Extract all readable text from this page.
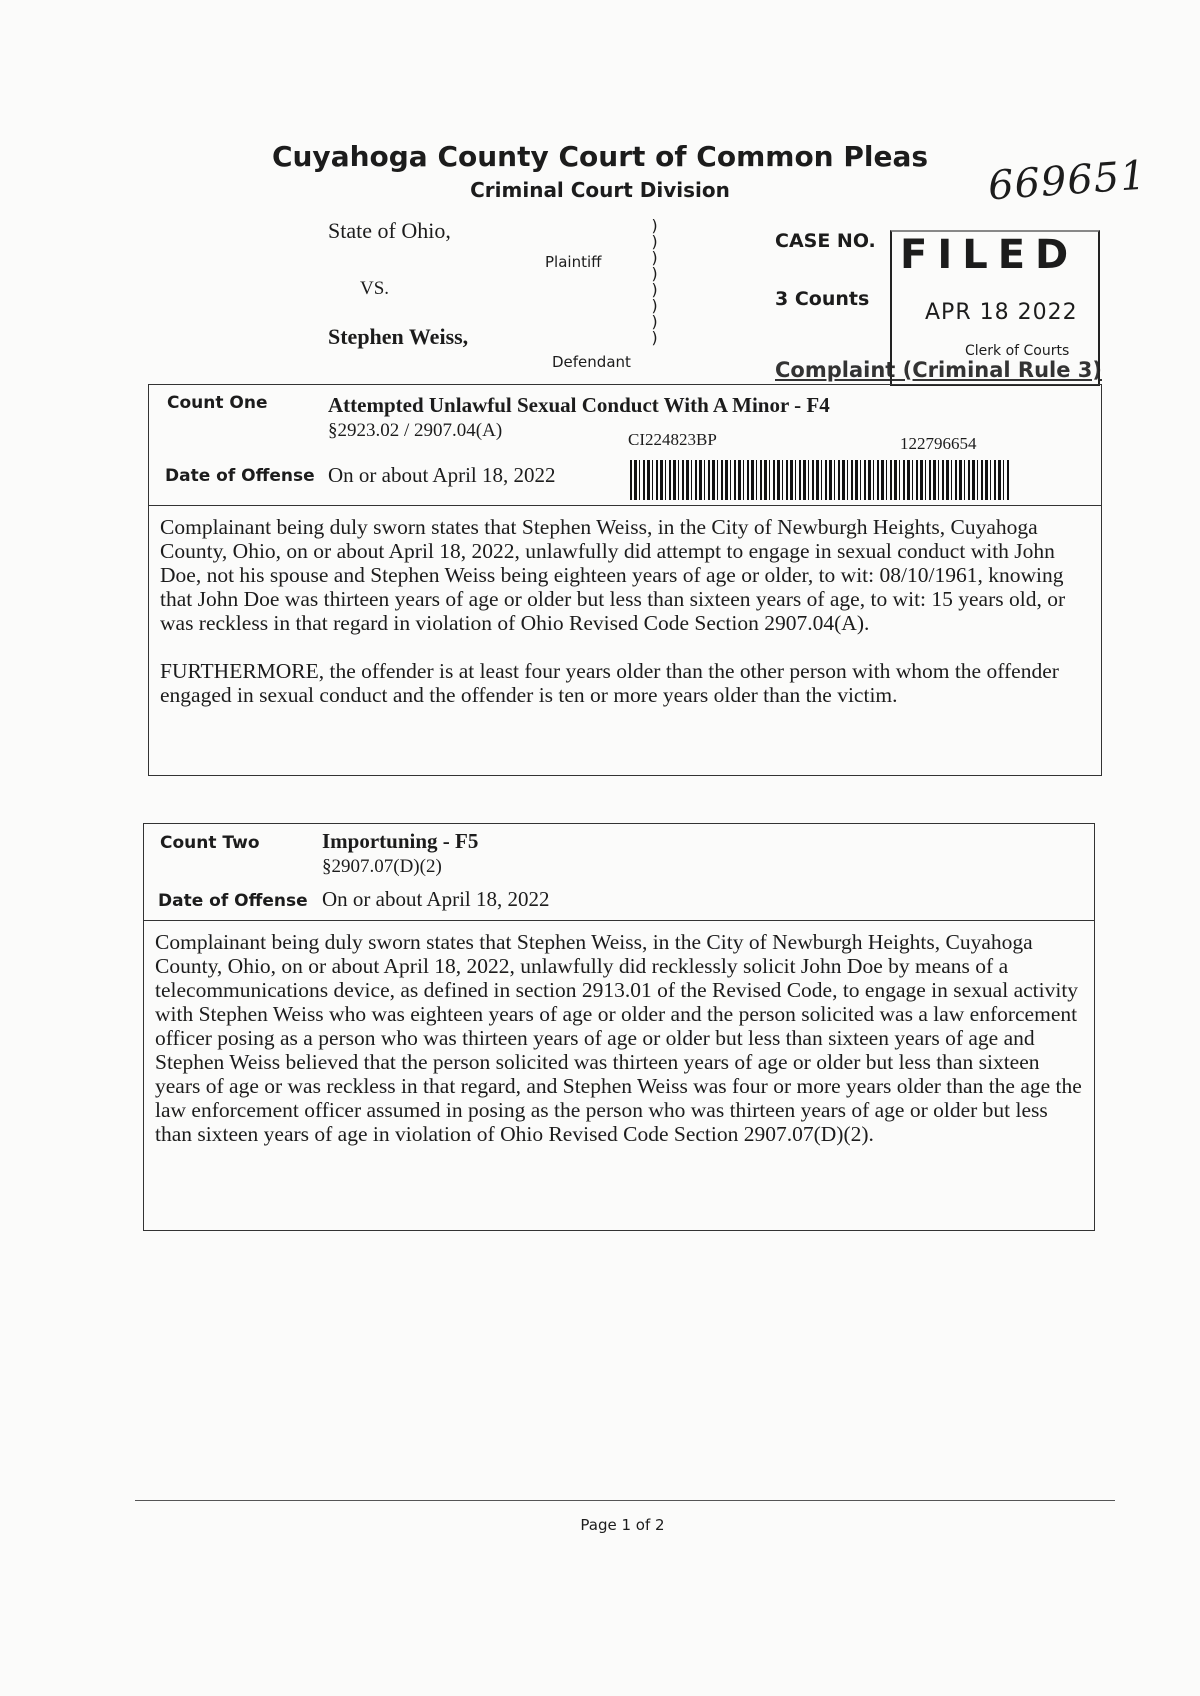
Cuyahoga County Court of Common Pleas
Criminal Court Division	669651
State of Ohio,
Plaintiff
VS.
Stephen Weiss,
Defendant
)
)
)
)
)
)
)
)
CASE NO.
3 Counts
Complaint (Criminal Rule 3)
FILED
APR 18 2022
Clerk of Courts
Count One	Attempted Unlawful Sexual Conduct With A Minor - F4
§2923.02 / 2907.04(A)	CI224823BP	122796654
Date of Offense On or about April 18, 2022

Complainant being duly sworn states that Stephen Weiss, in the City of Newburgh Heights, Cuyahoga County, Ohio, on or about April 18, 2022, unlawfully did attempt to engage in sexual conduct with John Doe, not his spouse and Stephen Weiss being eighteen years of age or older, to wit: 08/10/1961, knowing that John Doe was thirteen years of age or older but less than sixteen years of age, to wit: 15 years old, or was reckless in that regard in violation of Ohio Revised Code Section 2907.04(A).

FURTHERMORE, the offender is at least four years older than the other person with whom the offender engaged in sexual conduct and the offender is ten or more years older than the victim.

Count Two	Importuning - F5
§2907.07(D)(2)
Date of Offense On or about April 18, 2022

Complainant being duly sworn states that Stephen Weiss, in the City of Newburgh Heights, Cuyahoga County, Ohio, on or about April 18, 2022, unlawfully did recklessly solicit John Doe by means of a telecommunications device, as defined in section 2913.01 of the Revised Code, to engage in sexual activity with Stephen Weiss who was eighteen years of age or older and the person solicited was a law enforcement officer posing as a person who was thirteen years of age or older but less than sixteen years of age and Stephen Weiss believed that the person solicited was thirteen years of age or older but less than sixteen years of age or was reckless in that regard, and Stephen Weiss was four or more years older than the age the law enforcement officer assumed in posing as the person who was thirteen years of age or older but less than sixteen years of age in violation of Ohio Revised Code Section 2907.07(D)(2).

Page 1 of 2
